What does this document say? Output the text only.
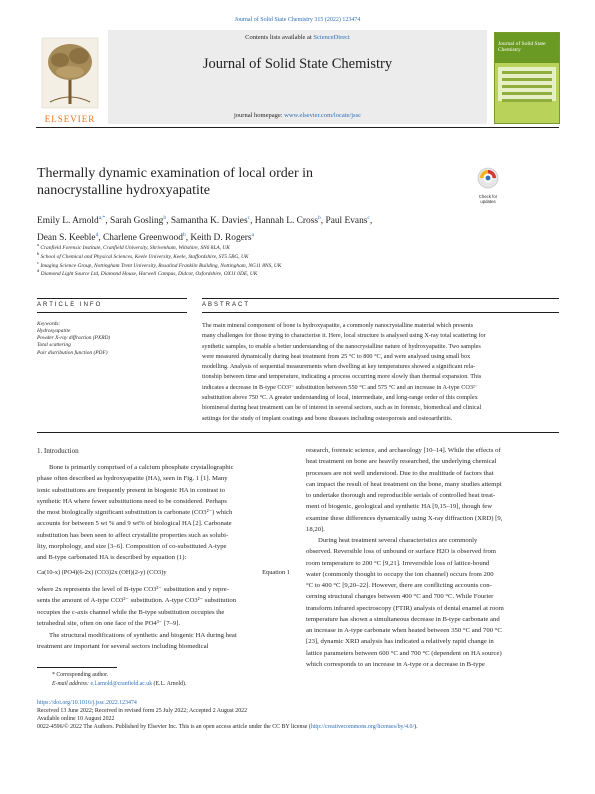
Journal of Solid State Chemistry 315 (2022) 123474
ELSEVIER
Contents lists available at ScienceDirect
Journal of Solid State Chemistry
journal homepage: www.elsevier.com/locate/jssc
Journal of Solid State Chemistry
Thermally dynamic examination of local order in
nanocrystalline hydroxyapatite	Check for
updates
Emily L. Arnold$^{a,*}$, Sarah Gosling$^b$, Samantha K. Davies$^c$, Hannah L. Cross$^b$, Paul Evans$^c$,
Dean S. Keeble$^d$, Charlene Greenwood$^b$, Keith D. Rogers$^a$
$^a$ Cranfield Forensic Institute, Cranfield University, Shrivenham, Wiltshire, SN6 8LA, UK
$^b$ School of Chemical and Physical Sciences, Keele University, Keele, Staffordshire, ST5 5BG, UK
$^c$ Imaging Science Group, Nottingham Trent University, Rosalind Franklin Building, Nottingham, NG11 8NS, UK
$^d$ Diamond Light Source Ltd, Diamond House, Harwell Campus, Didcot, Oxfordshire, OX11 0DE, UK
ARTICLE INFO	ABSTRACT
Keywords:
Hydroxyapatite
Powder X-ray diffraction (PXRD)
Total scattering
Pair distribution function (PDF)
The main mineral component of bone is hydroxyapatite, a commonly nanocrystalline material which presents
many challenges for those trying to characterise it. Here, local structure is analysed using X-ray total scattering for
synthetic samples, to enable a better understanding of the nanocrystalline nature of hydroxyapatite. Two samples
were measured dynamically during heat treatment from 25 °C to 800 °C, and were analysed using small box
modelling. Analysis of sequential measurements when dwelling at key temperatures showed a significant rela-
tionship between time and temperature, indicating a process occurring more slowly than thermal expansion. This
indicates a decrease in B-type CO3²⁻ substitution between 550 °C and 575 °C and an increase in A-type CO3²⁻
substitution above 750 °C. A greater understanding of local, intermediate, and long-range order of this complex
biomineral during heat treatment can be of interest in several sectors, such as in forensic, biomedical and clinical
settings for the study of implant coatings and bone diseases including osteoporosis and osteoarthritis.
1. Introduction
Bone is primarily comprised of a calcium phosphate crystallographic
phase often described as hydroxyapatite (HA), seen in Fig. 1 [1]. Many
ionic substitutions are frequently present in biogenic HA in contrast to
synthetic HA where fewer substitutions need to be considered. Perhaps
the most biologically significant substitution is carbonate (CO3²⁻) which
accounts for between 5 wt % and 9 wt% of biological HA [2]. Carbonate
substitution has been seen to affect crystallite properties such as solubi-
lity, morphology, and size [3–6]. Composition of co-substituted A-type
and B-type carbonated HA is described by equation (1):
Ca(10-x) (PO4)(6-2x) (CO3)2x (OH)(2-y) (CO3)y	Equation 1
where 2x represents the level of B-type CO3²⁻ substitution and y repre-
sents the amount of A-type CO3²⁻ substitution. A-type CO3²⁻ substitution
occupies the c-axis channel while the B-type substitution occupies the
tetrahedral site, often on one face of the PO4³⁻ [7–9].
The structural modifications of synthetic and biogenic HA during heat
treatment are important for several sectors including biomedical
research, forensic science, and archaeology [10–14]. While the effects of
heat treatment on bone are heavily researched, the underlying chemical
processes are not well understood. Due to the multitude of factors that
can impact the result of heat treatment on the bone, many studies attempt
to undertake thorough and reproducible serials of controlled heat treat-
ment of biogenic, geological and synthetic HA [9,15–19], though few
examine these differences dynamically using X-ray diffraction (XRD) [9,
18,20].
During heat treatment several characteristics are commonly
observed. Reversible loss of unbound or surface H2O is observed from
room temperature to 200 °C [9,21]. Irreversible loss of lattice-bound
water (commonly thought to occupy the ion channel) occurs from 200
°C to 400 °C [9,20–22]. However, there are conflicting accounts con-
cerning structural changes between 400 °C and 700 °C. While Fourier
transform infrared spectroscopy (FTIR) analysis of dental enamel at room
temperature has shown a simultaneous decrease in B-type carbonate and
an increase in A-type carbonate when heated between 350 °C and 700 °C
[23], dynamic XRD analysis has indicated a relatively rapid change in
lattice parameters between 600 °C and 700 °C (dependent on HA source)
which corresponds to an increase in A-type or a decrease in B-type
* Corresponding author.
E-mail address: e.l.arnold@cranfield.ac.uk (E.L. Arnold).
https://doi.org/10.1016/j.jssc.2022.123474
Received 13 June 2022; Received in revised form 25 July 2022; Accepted 2 August 2022
Available online 10 August 2022
0022-4596/© 2022 The Authors. Published by Elsevier Inc. This is an open access article under the CC BY license (http://creativecommons.org/licenses/by/4.0/).
